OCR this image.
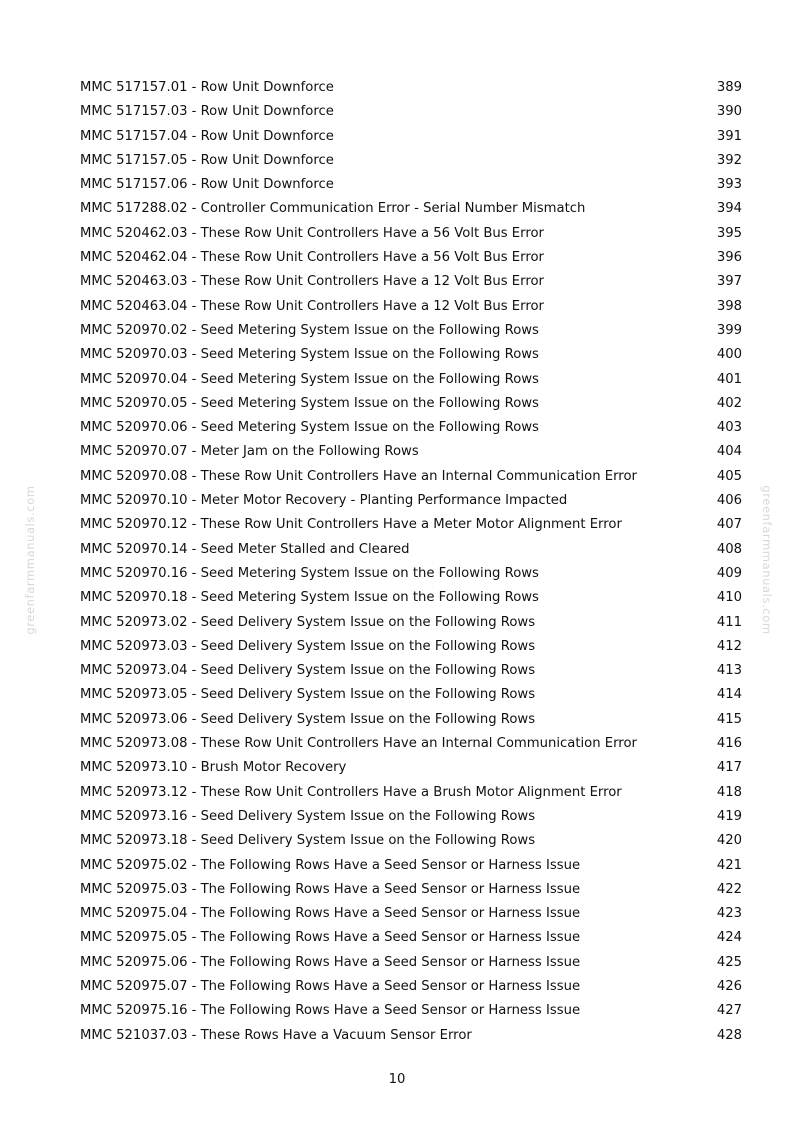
MMC 517157.01 - Row Unit Downforce	389
MMC 517157.03 - Row Unit Downforce	390
MMC 517157.04 - Row Unit Downforce	391
MMC 517157.05 - Row Unit Downforce	392
MMC 517157.06 - Row Unit Downforce	393
MMC 517288.02 - Controller Communication Error - Serial Number Mismatch	394
MMC 520462.03 - These Row Unit Controllers Have a 56 Volt Bus Error	395
MMC 520462.04 - These Row Unit Controllers Have a 56 Volt Bus Error	396
MMC 520463.03 - These Row Unit Controllers Have a 12 Volt Bus Error	397
MMC 520463.04 - These Row Unit Controllers Have a 12 Volt Bus Error	398
MMC 520970.02 - Seed Metering System Issue on the Following Rows	399
MMC 520970.03 - Seed Metering System Issue on the Following Rows	400
MMC 520970.04 - Seed Metering System Issue on the Following Rows	401
MMC 520970.05 - Seed Metering System Issue on the Following Rows	402
MMC 520970.06 - Seed Metering System Issue on the Following Rows	403
MMC 520970.07 - Meter Jam on the Following Rows	404
MMC 520970.08 - These Row Unit Controllers Have an Internal Communication Error	405
MMC 520970.10 - Meter Motor Recovery - Planting Performance Impacted	406
MMC 520970.12 - These Row Unit Controllers Have a Meter Motor Alignment Error	407
MMC 520970.14 - Seed Meter Stalled and Cleared	408
MMC 520970.16 - Seed Metering System Issue on the Following Rows	409
MMC 520970.18 - Seed Metering System Issue on the Following Rows	410
MMC 520973.02 - Seed Delivery System Issue on the Following Rows	411
MMC 520973.03 - Seed Delivery System Issue on the Following Rows	412
MMC 520973.04 - Seed Delivery System Issue on the Following Rows	413
MMC 520973.05 - Seed Delivery System Issue on the Following Rows	414
MMC 520973.06 - Seed Delivery System Issue on the Following Rows	415
MMC 520973.08 - These Row Unit Controllers Have an Internal Communication Error	416
MMC 520973.10 - Brush Motor Recovery	417
MMC 520973.12 - These Row Unit Controllers Have a Brush Motor Alignment Error	418
MMC 520973.16 - Seed Delivery System Issue on the Following Rows	419
MMC 520973.18 - Seed Delivery System Issue on the Following Rows	420
MMC 520975.02 - The Following Rows Have a Seed Sensor or Harness Issue	421
MMC 520975.03 - The Following Rows Have a Seed Sensor or Harness Issue	422
MMC 520975.04 - The Following Rows Have a Seed Sensor or Harness Issue	423
MMC 520975.05 - The Following Rows Have a Seed Sensor or Harness Issue	424
MMC 520975.06 - The Following Rows Have a Seed Sensor or Harness Issue	425
MMC 520975.07 - The Following Rows Have a Seed Sensor or Harness Issue	426
MMC 520975.16 - The Following Rows Have a Seed Sensor or Harness Issue	427
MMC 521037.03 - These Rows Have a Vacuum Sensor Error	428
greenfarmmanuals.com	greenfarmmanuals.com
10
